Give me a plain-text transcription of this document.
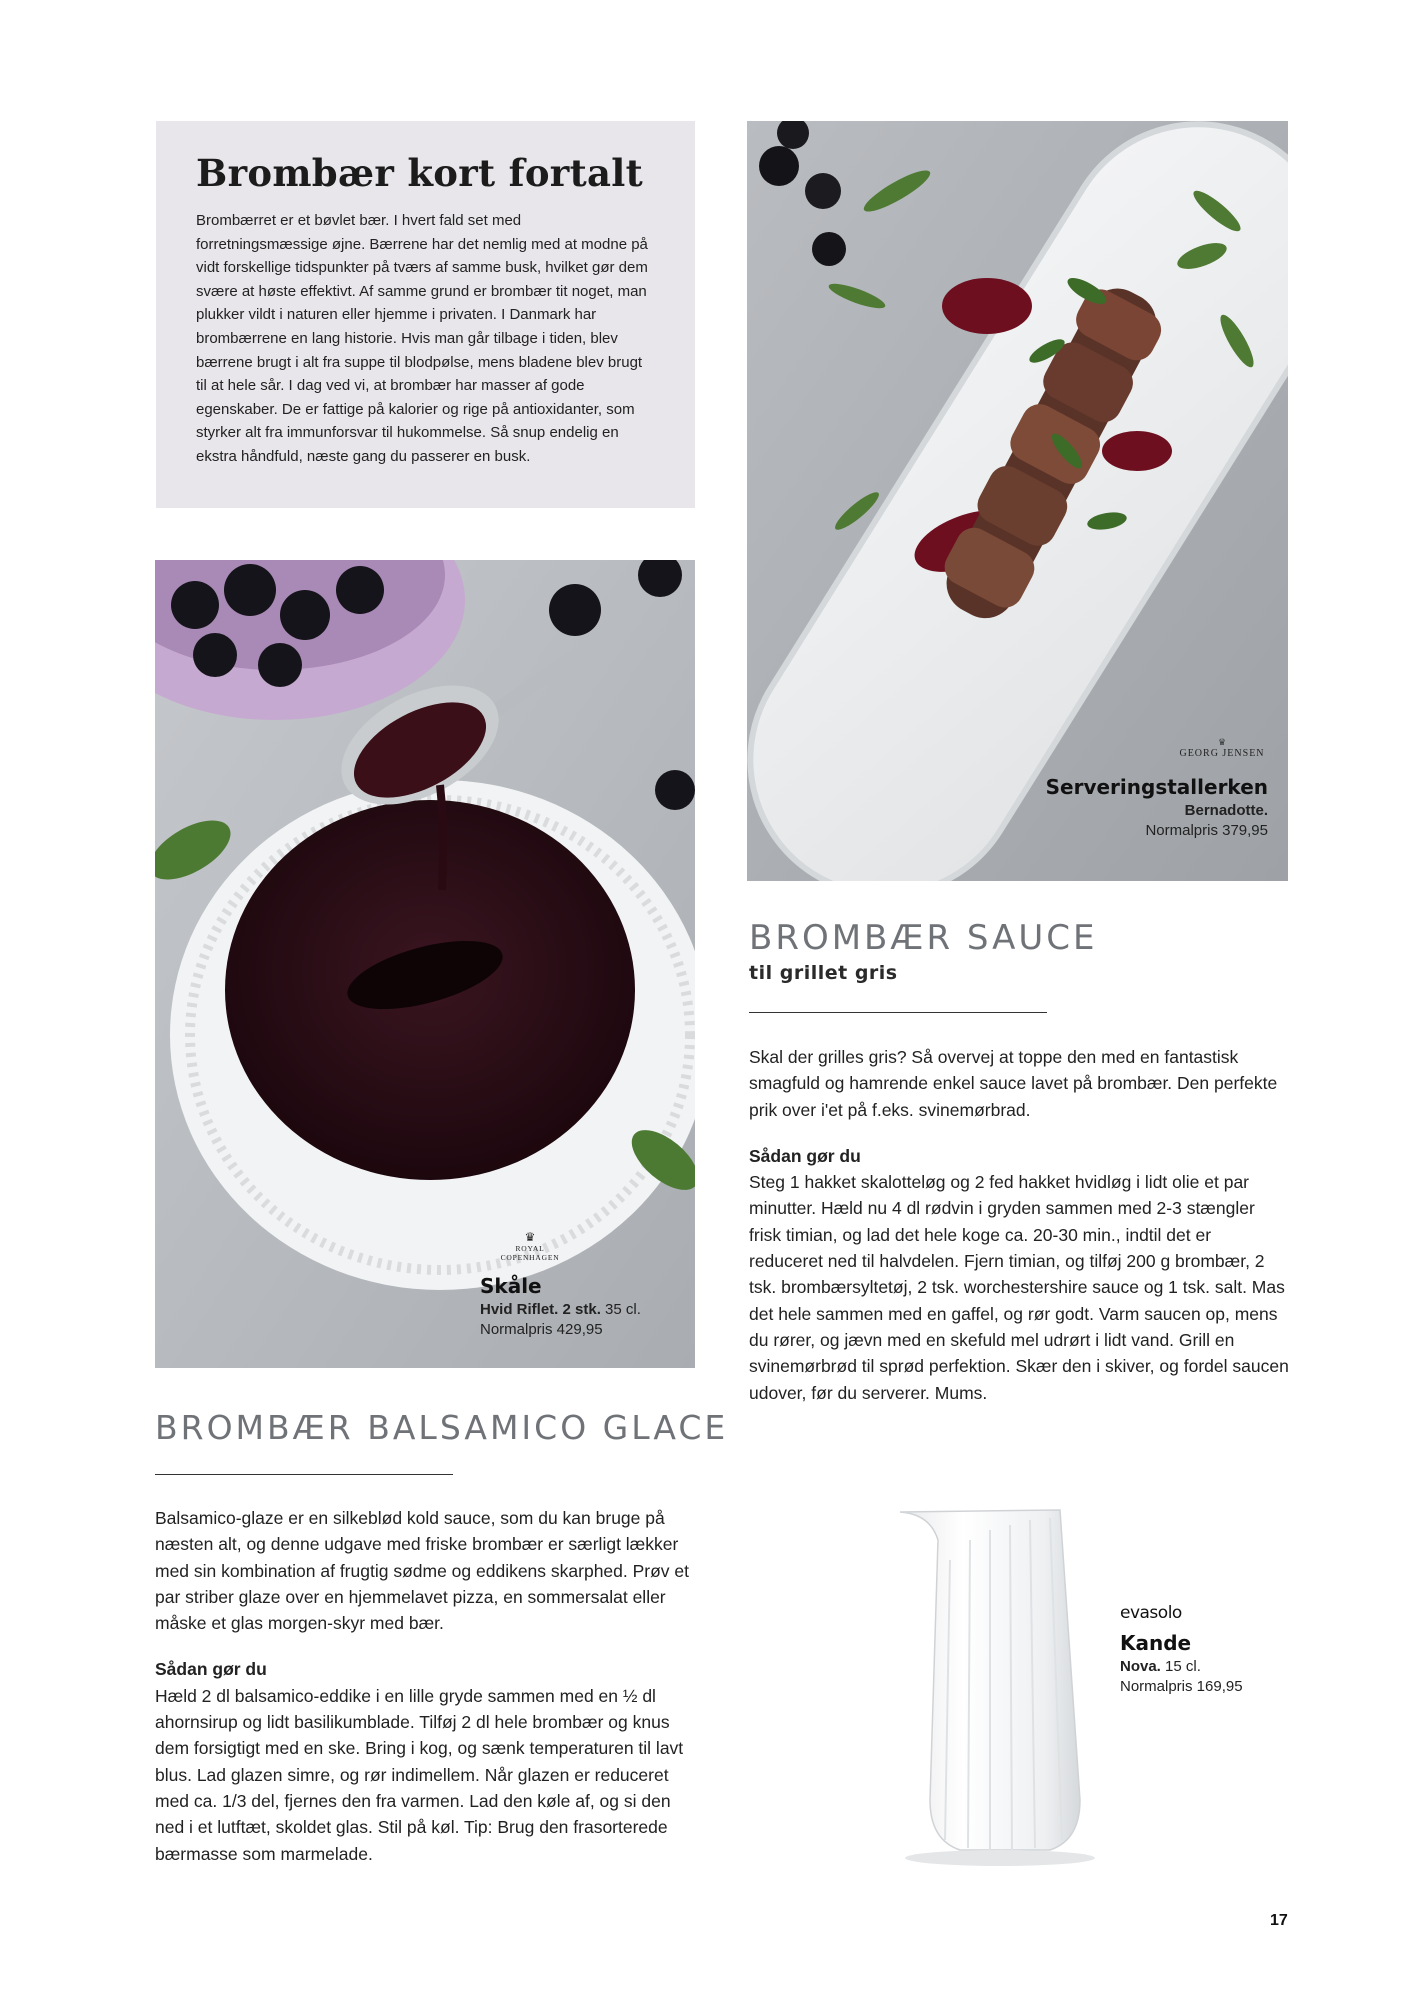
Brombær kort fortalt

Brombærret er et bøvlet bær. I hvert fald set med forretningsmæssige øjne. Bærrene har det nemlig med at modne på vidt forskellige tidspunkter på tværs af samme busk, hvilket gør dem svære at høste effektivt. Af samme grund er brombær tit noget, man plukker vildt i naturen eller hjemme i privaten. I Danmark har brombærrene en lang historie. Hvis man går tilbage i tiden, blev bærrene brugt i alt fra suppe til blodpølse, mens bladene blev brugt til at hele sår. I dag ved vi, at brombær har masser af gode egenskaber. De er fattige på kalorier og rige på antioxidanter, som styrker alt fra immunforsvar til hukommelse. Så snup endelig en ekstra håndfuld, næste gang du passerer en busk.

♛
GEORG JENSEN
Serveringstallerken
Bernadotte.
Normalpris 379,95
♛
ROYAL COPENHAGEN
Skåle
Hvid Riflet. 2 stk. 35 cl.
Normalpris 429,95
BROMBÆR SAUCE
til grillet gris

Skal der grilles gris? Så overvej at toppe den med en fantastisk smagfuld og hamrende enkel sauce lavet på brombær. Den perfekte prik over i'et på f.eks. svinemørbrad.

Sådan gør du

Steg 1 hakket skalotteløg og 2 fed hakket hvidløg i lidt olie et par minutter. Hæld nu 4 dl rødvin i gryden sammen med 2-3 stængler frisk timian, og lad det hele koge ca. 20-30 min., indtil det er reduceret ned til halvdelen. Fjern timian, og tilføj 200 g brombær, 2 tsk. brombærsyltetøj, 2 tsk. worchestershire sauce og 1 tsk. salt. Mas det hele sammen med en gaffel, og rør godt. Varm saucen op, mens du rører, og jævn med en skefuld mel udrørt i lidt vand. Grill en svinemørbrød til sprød perfektion. Skær den i skiver, og fordel saucen udover, før du serverer. Mums.

BROMBÆR BALSAMICO GLACE

Balsamico-glaze er en silkeblød kold sauce, som du kan bruge på næsten alt, og denne udgave med friske brombær er særligt lækker med sin kombination af frugtig sødme og eddikens skarphed. Prøv et par striber glaze over en hjemmelavet pizza, en sommersalat eller måske et glas morgen-skyr med bær.

Sådan gør du

Hæld 2 dl balsamico-eddike i en lille gryde sammen med en ½ dl ahornsirup og lidt basilikumblade. Tilføj 2 dl hele brombær og knus dem forsigtigt med en ske. Bring i kog, og sænk temperaturen til lavt blus. Lad glazen simre, og rør indimellem. Når glazen er reduceret med ca. 1/3 del, fjernes den fra varmen. Lad den køle af, og si den ned i et lutftæt, skoldet glas. Stil på køl. Tip: Brug den frasorterede bærmasse som marmelade.

evasolo
Kande
Nova. 15 cl.
Normalpris 169,95
17
